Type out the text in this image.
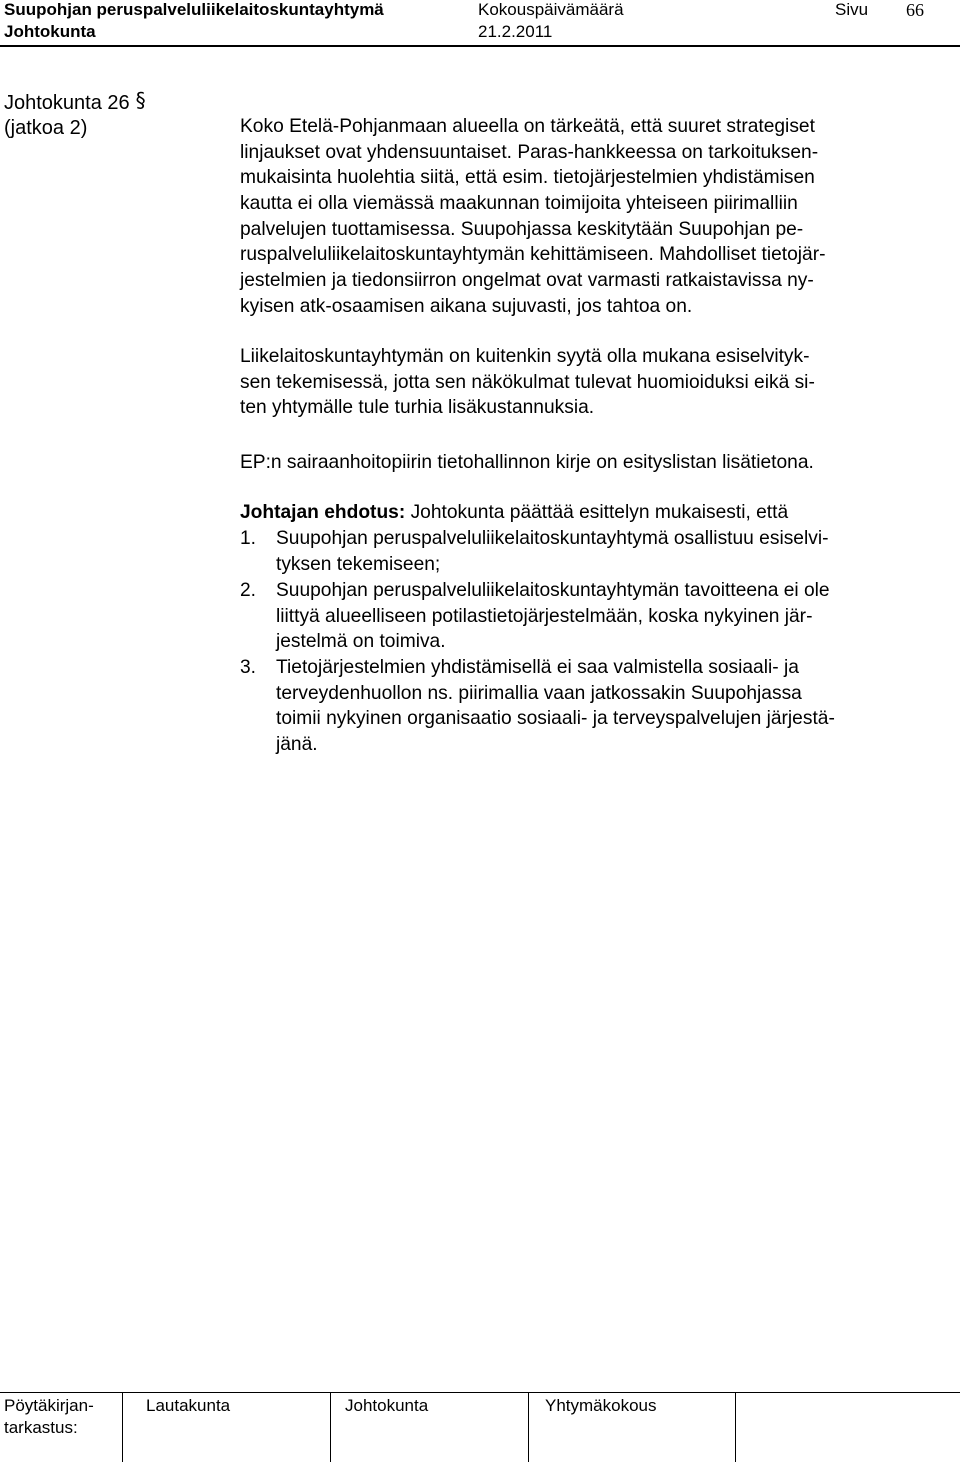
Suupohjan peruspalveluliikelaitoskuntayhtymä
Johtokunta
Kokouspäivämäärä
21.2.2011
Sivu 66
Johtokunta 26 §
(jatkoa 2)	Koko Etelä-Pohjanmaan alueella on tärkeätä, että suuret strategiset
linjaukset ovat yhdensuuntaiset. Paras-hankkeessa on tarkoituksen-
mukaisinta huolehtia siitä, että esim. tietojärjestelmien yhdistämisen
kautta ei olla viemässä maakunnan toimijoita yhteiseen piirimalliin
palvelujen tuottamisessa. Suupohjassa keskitytään Suupohjan pe-
ruspalveluliikelaitoskuntayhtymän kehittämiseen. Mahdolliset tietojär-
jestelmien ja tiedonsiirron ongelmat ovat varmasti ratkaistavissa ny-
kyisen atk-osaamisen aikana sujuvasti, jos tahtoa on.
Liikelaitoskuntayhtymän on kuitenkin syytä olla mukana esiselvityk-
sen tekemisessä, jotta sen näkökulmat tulevat huomioiduksi eikä si-
ten yhtymälle tule turhia lisäkustannuksia.
EP:n sairaanhoitopiirin tietohallinnon kirje on esityslistan lisätietona.
Johtajan ehdotus: Johtokunta päättää esittelyn mukaisesti, että
1.	Suupohjan peruspalveluliikelaitoskuntayhtymä osallistuu esiselvi-
tyksen tekemiseen;
2.	Suupohjan peruspalveluliikelaitoskuntayhtymän tavoitteena ei ole
liittyä alueelliseen potilastietojärjestelmään, koska nykyinen jär-
jestelmä on toimiva.
3.	Tietojärjestelmien yhdistämisellä ei saa valmistella sosiaali- ja
terveydenhuollon ns. piirimallia vaan jatkossakin Suupohjassa
toimii nykyinen organisaatio sosiaali- ja terveyspalvelujen järjestä-
jänä.
Pöytäkirjan-
tarkastus:
Lautakunta	Johtokunta	Yhtymäkokous
